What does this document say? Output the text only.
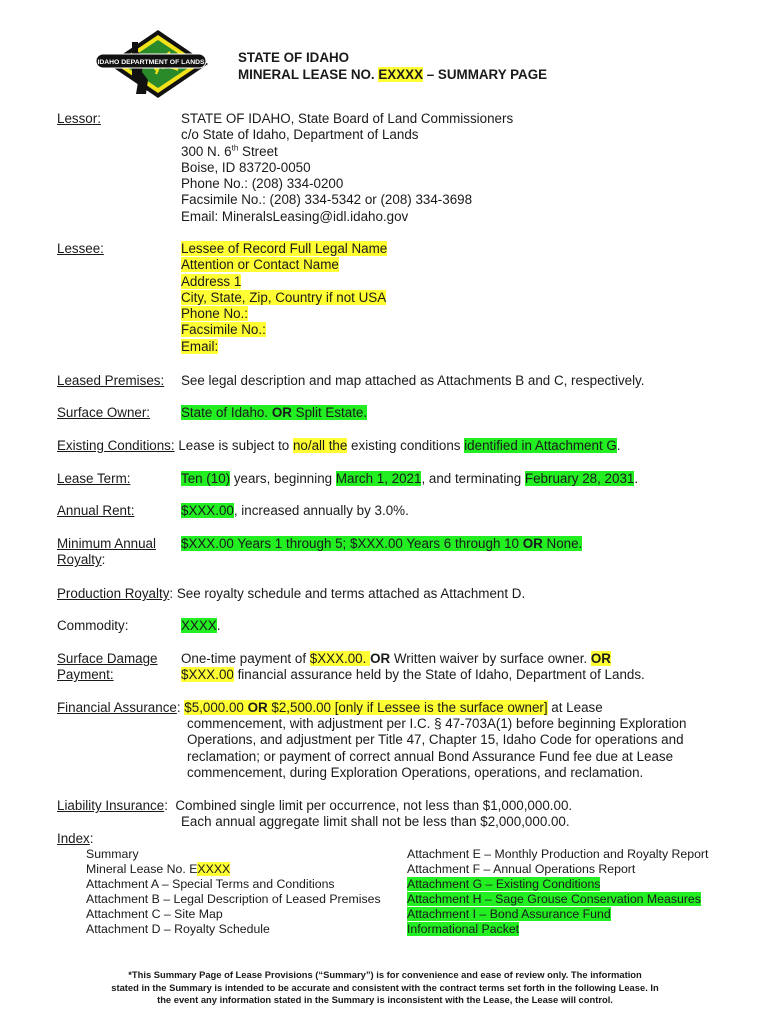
IDAHO DEPARTMENT OF LANDS STATE OF IDAHO
MINERAL LEASE NO. EXXXX – SUMMARY PAGE
Lessor:	STATE OF IDAHO, State Board of Land Commissioners
c/o State of Idaho, Department of Lands
300 N. 6th Street
Boise, ID 83720-0050
Phone No.: (208) 334-0200
Facsimile No.: (208) 334-5342 or (208) 334-3698
Email: MineralsLeasing@idl.idaho.gov
Lessee:	Lessee of Record Full Legal Name
Attention or Contact Name
Address 1
City, State, Zip, Country if not USA
Phone No.:
Facsimile No.:
Email:
Leased Premises: See legal description and map attached as Attachments B and C, respectively.
Surface Owner: State of Idaho. OR Split Estate.
Existing Conditions: Lease is subject to no/all the existing conditions identified in Attachment G.
Lease Term:	Ten (10) years, beginning March 1, 2021, and terminating February 28, 2031.
Annual Rent:	$XXX.00, increased annually by 3.0%.
Minimum Annual
Royalty:
$XXX.00 Years 1 through 5; $XXX.00 Years 6 through 10 OR None.
Production Royalty: See royalty schedule and terms attached as Attachment D.
Commodity:	XXXX.
Surface Damage
Payment:
One-time payment of $XXX.00. OR Written waiver by surface owner. OR
$XXX.00 financial assurance held by the State of Idaho, Department of Lands.
Financial Assurance: $5,000.00 OR $2,500.00 [only if Lessee is the surface owner] at Lease
commencement, with adjustment per I.C. § 47-703A(1) before beginning Exploration
Operations, and adjustment per Title 47, Chapter 15, Idaho Code for operations and
reclamation; or payment of correct annual Bond Assurance Fund fee due at Lease
commencement, during Exploration Operations, operations, and reclamation.
Liability Insurance:  Combined single limit per occurrence, not less than $1,000,000.00.
Each annual aggregate limit shall not be less than $2,000,000.00.
Index:
Summary
Mineral Lease No. EXXXX
Attachment A – Special Terms and Conditions
Attachment B – Legal Description of Leased Premises
Attachment C – Site Map
Attachment D – Royalty Schedule
Attachment E – Monthly Production and Royalty Report
Attachment F – Annual Operations Report
Attachment G – Existing Conditions
Attachment H – Sage Grouse Conservation Measures
Attachment I – Bond Assurance Fund
Informational Packet
*This Summary Page of Lease Provisions (“Summary”) is for convenience and ease of review only. The information
stated in the Summary is intended to be accurate and consistent with the contract terms set forth in the following Lease. In
the event any information stated in the Summary is inconsistent with the Lease, the Lease will control.
